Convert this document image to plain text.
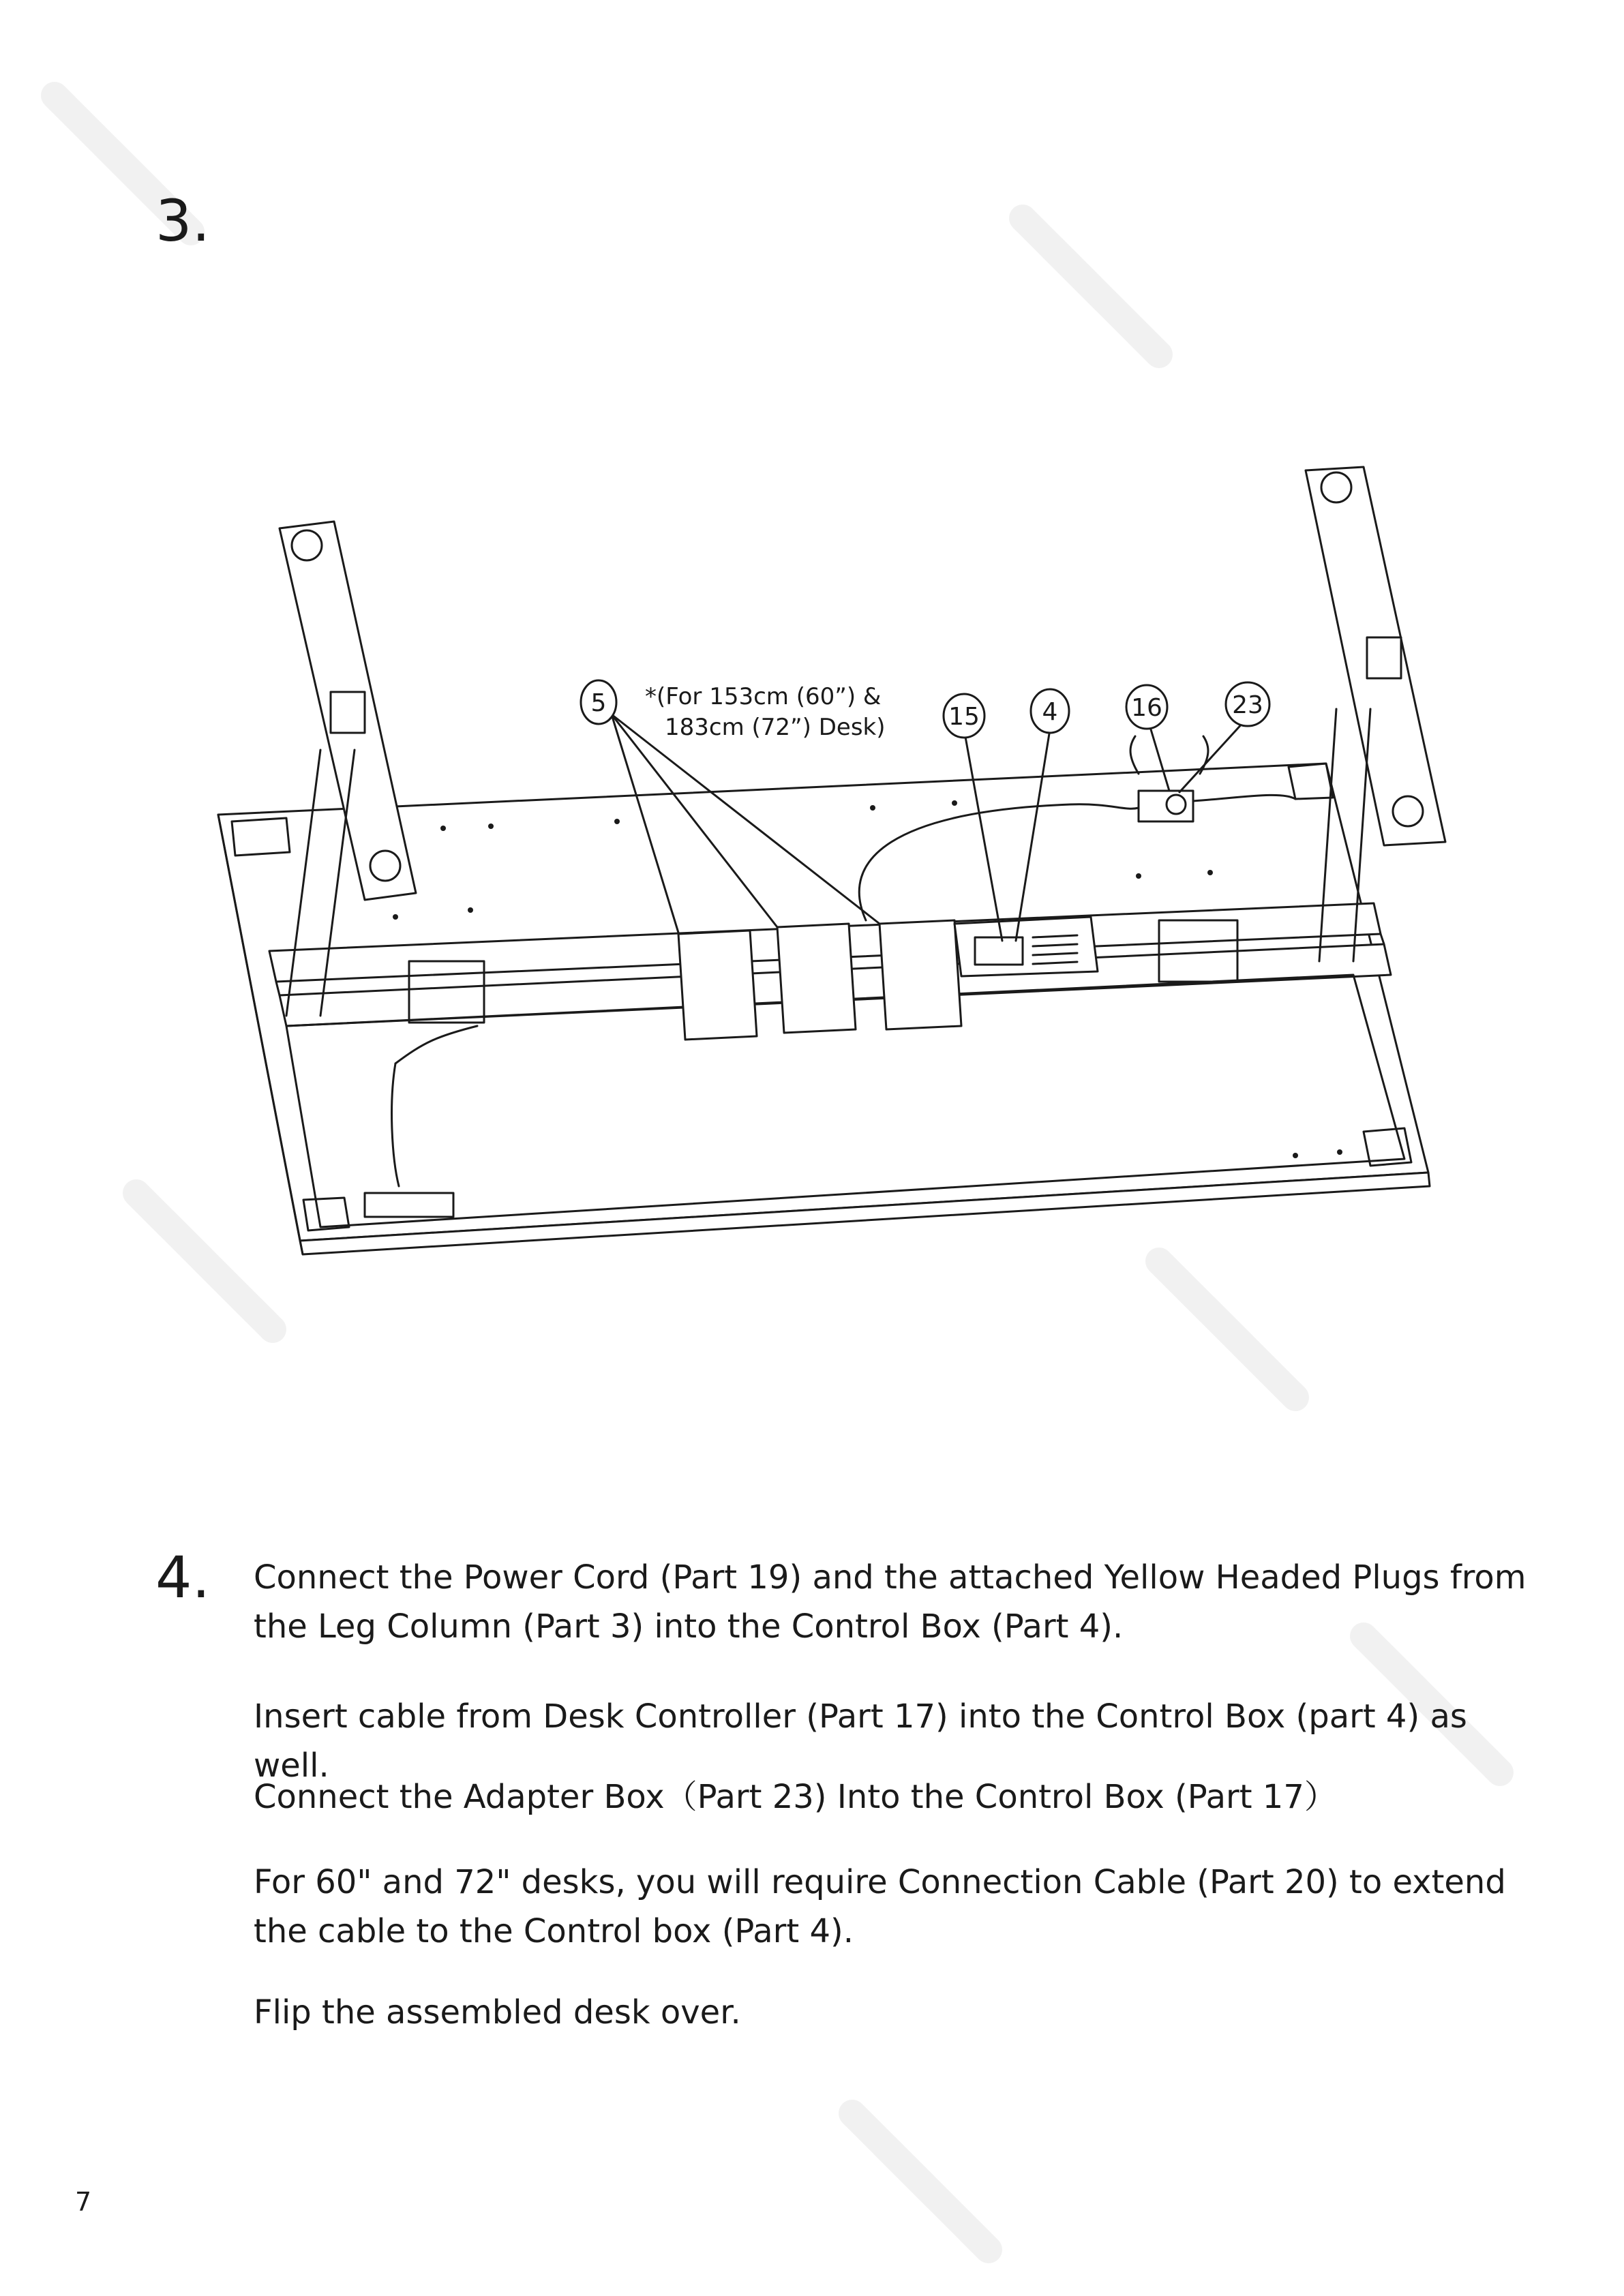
3.
5	15	4	16	23
*(For 153cm (60”) &
183cm (72”) Desk)
4. Connect the Power Cord (Part 19) and the attached Yellow Headed Plugs from the Leg Column (Part 3) into the Control Box (Part 4).

Insert cable from Desk Controller (Part 17) into the Control Box (part 4) as well.

Connect the Adapter Box（Part 23) Into the Control Box (Part 17）

For 60" and 72" desks, you will require Connection Cable (Part 20) to extend the cable to the Control box (Part 4).

Flip the assembled desk over.

7
